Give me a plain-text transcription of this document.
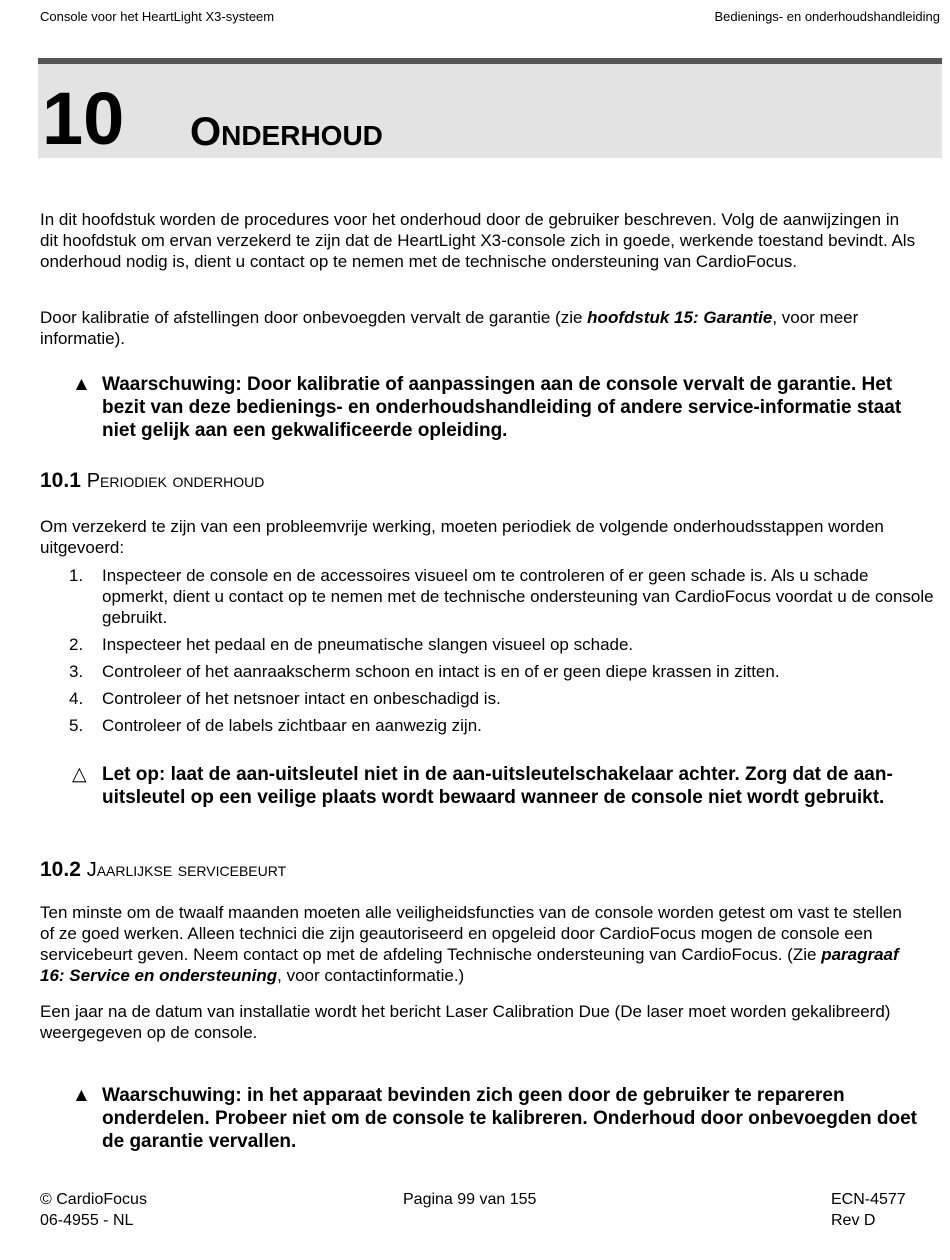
Console voor het HeartLight X3-systeem	Bedienings- en onderhoudshandleiding
10 Onderhoud
In dit hoofdstuk worden de procedures voor het onderhoud door de gebruiker beschreven. Volg de aanwijzingen in dit hoofdstuk om ervan verzekerd te zijn dat de HeartLight X3-console zich in goede, werkende toestand bevindt. Als onderhoud nodig is, dient u contact op te nemen met de technische ondersteuning van CardioFocus.
Door kalibratie of afstellingen door onbevoegden vervalt de garantie (zie hoofdstuk 15: Garantie, voor meer informatie).
▲ Waarschuwing: Door kalibratie of aanpassingen aan de console vervalt de garantie. Het bezit van deze bedienings- en onderhoudshandleiding of andere service-informatie staat niet gelijk aan een gekwalificeerde opleiding.
10.1 Periodiek onderhoud
Om verzekerd te zijn van een probleemvrije werking, moeten periodiek de volgende onderhoudsstappen worden uitgevoerd:
1. Inspecteer de console en de accessoires visueel om te controleren of er geen schade is. Als u schade opmerkt, dient u contact op te nemen met de technische ondersteuning van CardioFocus voordat u de console gebruikt.
2. Inspecteer het pedaal en de pneumatische slangen visueel op schade.
3. Controleer of het aanraakscherm schoon en intact is en of er geen diepe krassen in zitten.
4. Controleer of het netsnoer intact en onbeschadigd is.
5. Controleer of de labels zichtbaar en aanwezig zijn.
△ Let op: laat de aan-uitsleutel niet in de aan-uitsleutelschakelaar achter. Zorg dat de aan-uitsleutel op een veilige plaats wordt bewaard wanneer de console niet wordt gebruikt.
10.2 Jaarlijkse servicebeurt
Ten minste om de twaalf maanden moeten alle veiligheidsfuncties van de console worden getest om vast te stellen of ze goed werken. Alleen technici die zijn geautoriseerd en opgeleid door CardioFocus mogen de console een servicebeurt geven. Neem contact op met de afdeling Technische ondersteuning van CardioFocus. (Zie paragraaf 16: Service en ondersteuning, voor contactinformatie.)
Een jaar na de datum van installatie wordt het bericht Laser Calibration Due (De laser moet worden gekalibreerd) weergegeven op de console.
▲ Waarschuwing: in het apparaat bevinden zich geen door de gebruiker te repareren onderdelen. Probeer niet om de console te kalibreren. Onderhoud door onbevoegden doet de garantie vervallen.
© CardioFocus
06-4955 - NL
Pagina 99 van 155	ECN-4577
Rev D
